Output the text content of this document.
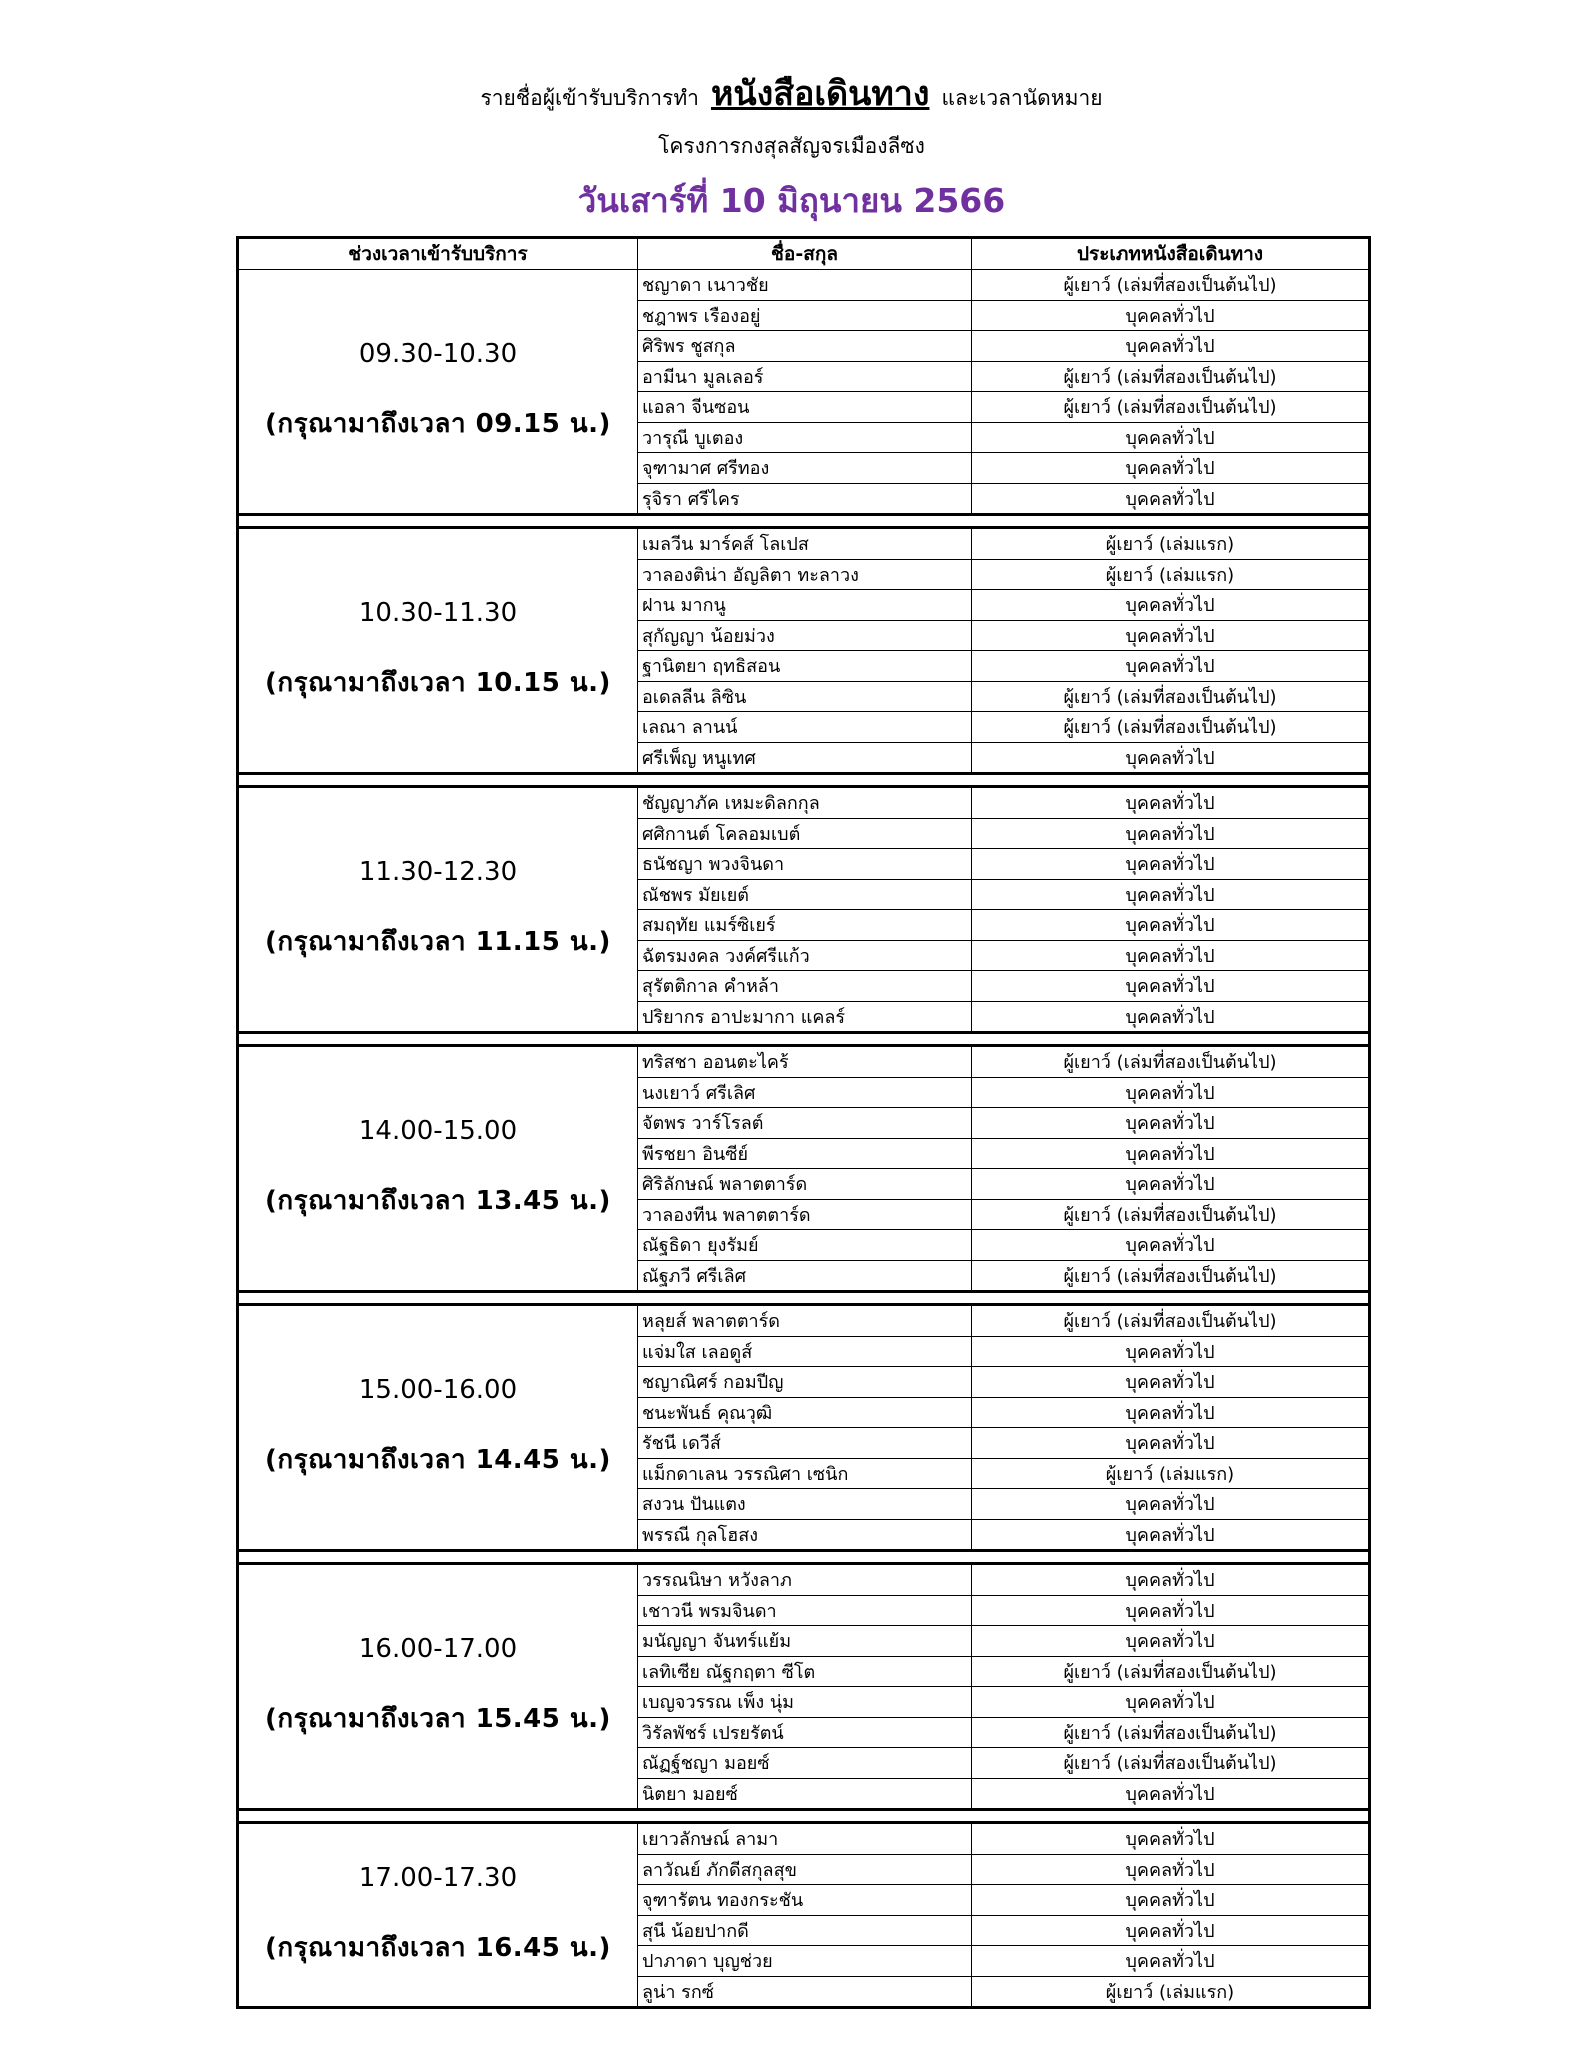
รายชื่อผู้เข้ารับบริการทำ หนังสือเดินทาง และเวลานัดหมาย
โครงการกงสุลสัญจรเมืองลีซง
วันเสาร์ที่ 10 มิถุนายน 2566
ช่วงเวลาเข้ารับบริการ	ชื่อ-สกุล	ประเภทหนังสือเดินทาง

09.30-10.30
(กรุณามาถึงเวลา 09.15 น.)	ชญาดา เนาวชัย	ผู้เยาว์ (เล่มที่สองเป็นต้นไป)
	ชฎาพร เรืองอยู่	บุคคลทั่วไป
	ศิริพร ชูสกุล	บุคคลทั่วไป
	อามีนา มูลเลอร์	ผู้เยาว์ (เล่มที่สองเป็นต้นไป)
	แอลา จีนซอน	ผู้เยาว์ (เล่มที่สองเป็นต้นไป)
	วารุณี บูเตอง	บุคคลทั่วไป
	จุฑามาศ ศรีทอง	บุคคลทั่วไป
	รุจิรา ศรีไคร	บุคคลทั่วไป

10.30-11.30
(กรุณามาถึงเวลา 10.15 น.)	เมลวีน มาร์คส์ โลเปส	ผู้เยาว์ (เล่มแรก)
	วาลองติน่า อัญลิตา ทะลาวง	ผู้เยาว์ (เล่มแรก)
	ฝาน มากนู	บุคคลทั่วไป
	สุกัญญา น้อยม่วง	บุคคลทั่วไป
	ฐานิตยา ฤทธิสอน	บุคคลทั่วไป
	อเดลลีน ลิซิน	ผู้เยาว์ (เล่มที่สองเป็นต้นไป)
	เลณา ลานน์	ผู้เยาว์ (เล่มที่สองเป็นต้นไป)
	ศรีเพ็ญ หนูเทศ	บุคคลทั่วไป

11.30-12.30
(กรุณามาถึงเวลา 11.15 น.)	ชัญญาภัค เหมะดิลกกุล	บุคคลทั่วไป
	ศศิกานต์ โคลอมเบต์	บุคคลทั่วไป
	ธนัชญา พวงจินดา	บุคคลทั่วไป
	ณัชพร มัยเยต์	บุคคลทั่วไป
	สมฤทัย แมร์ซิเยร์	บุคคลทั่วไป
	ฉัตรมงคล วงค์ศรีแก้ว	บุคคลทั่วไป
	สุรัตติกาล คำหล้า	บุคคลทั่วไป
	ปริยากร อาปะมากา แคลร์	บุคคลทั่วไป

14.00-15.00
(กรุณามาถึงเวลา 13.45 น.)	ทริสชา ออนตะไคร้	ผู้เยาว์ (เล่มที่สองเป็นต้นไป)
	นงเยาว์ ศรีเลิศ	บุคคลทั่วไป
	จัตพร วาร์โรลต์	บุคคลทั่วไป
	พีรชยา อินซีย์	บุคคลทั่วไป
	ศิริลักษณ์ พลาตตาร์ด	บุคคลทั่วไป
	วาลองทีน พลาตตาร์ด	ผู้เยาว์ (เล่มที่สองเป็นต้นไป)
	ณัฐธิดา ยุงรัมย์	บุคคลทั่วไป
	ณัฐภวี ศรีเลิศ	ผู้เยาว์ (เล่มที่สองเป็นต้นไป)

15.00-16.00
(กรุณามาถึงเวลา 14.45 น.)	หลุยส์ พลาตตาร์ด	ผู้เยาว์ (เล่มที่สองเป็นต้นไป)
	แจ่มใส เลอดูส์	บุคคลทั่วไป
	ชญาณิศร์ กอมปีญ	บุคคลทั่วไป
	ชนะพันธ์ คุณวุฒิ	บุคคลทั่วไป
	รัชนี เดวีส์	บุคคลทั่วไป
	แม็กดาเลน วรรณิศา เซนิก	ผู้เยาว์ (เล่มแรก)
	สงวน ปันแตง	บุคคลทั่วไป
	พรรณี กุลโฮสง	บุคคลทั่วไป

16.00-17.00
(กรุณามาถึงเวลา 15.45 น.)	วรรณนิษา หวังลาภ	บุคคลทั่วไป
	เชาวนี พรมจินดา	บุคคลทั่วไป
	มนัญญา จันทร์แย้ม	บุคคลทั่วไป
	เลทิเซีย ณัฐกฤตา ซีโต	ผู้เยาว์ (เล่มที่สองเป็นต้นไป)
	เบญจวรรณ เพ็ง นุ่ม	บุคคลทั่วไป
	วิรัลพัชร์ เปรยรัตน์	ผู้เยาว์ (เล่มที่สองเป็นต้นไป)
	ณัฏฐ์ชญา มอยซ์	ผู้เยาว์ (เล่มที่สองเป็นต้นไป)
	นิตยา มอยซ์	บุคคลทั่วไป

17.00-17.30
(กรุณามาถึงเวลา 16.45 น.)	เยาวลักษณ์ ลามา	บุคคลทั่วไป
	ลาวัณย์ ภักดีสกุลสุข	บุคคลทั่วไป
	จุฑารัตน ทองกระชัน	บุคคลทั่วไป
	สุนี น้อยปากดี	บุคคลทั่วไป
	ปาภาดา บุญช่วย	บุคคลทั่วไป
	ลูน่า รกซ์	ผู้เยาว์ (เล่มแรก)
